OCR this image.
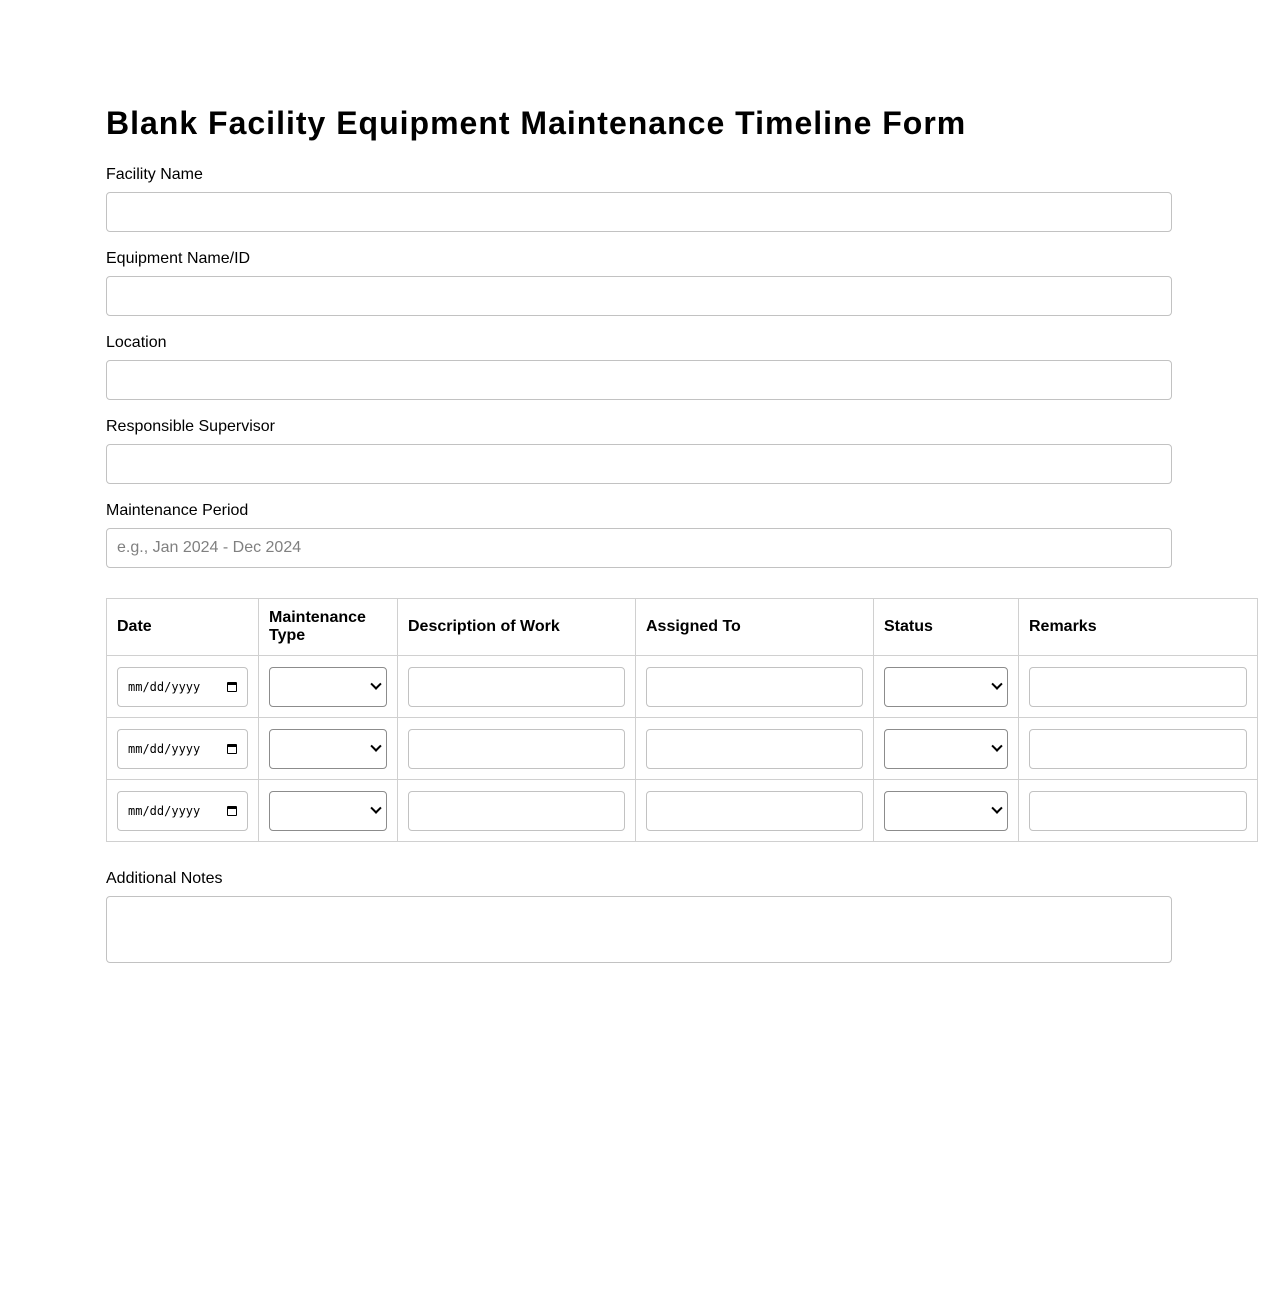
Blank Facility Equipment Maintenance Timeline Form
Facility Name
Equipment Name/ID
Location
Responsible Supervisor
Maintenance Period
e.g., Jan 2024 - Dec 2024
Date	Maintenance Type	Description of Work	Assigned To	Status	Remarks

mm/dd/yyyy					

mm/dd/yyyy					

mm/dd/yyyy					

Additional Notes
